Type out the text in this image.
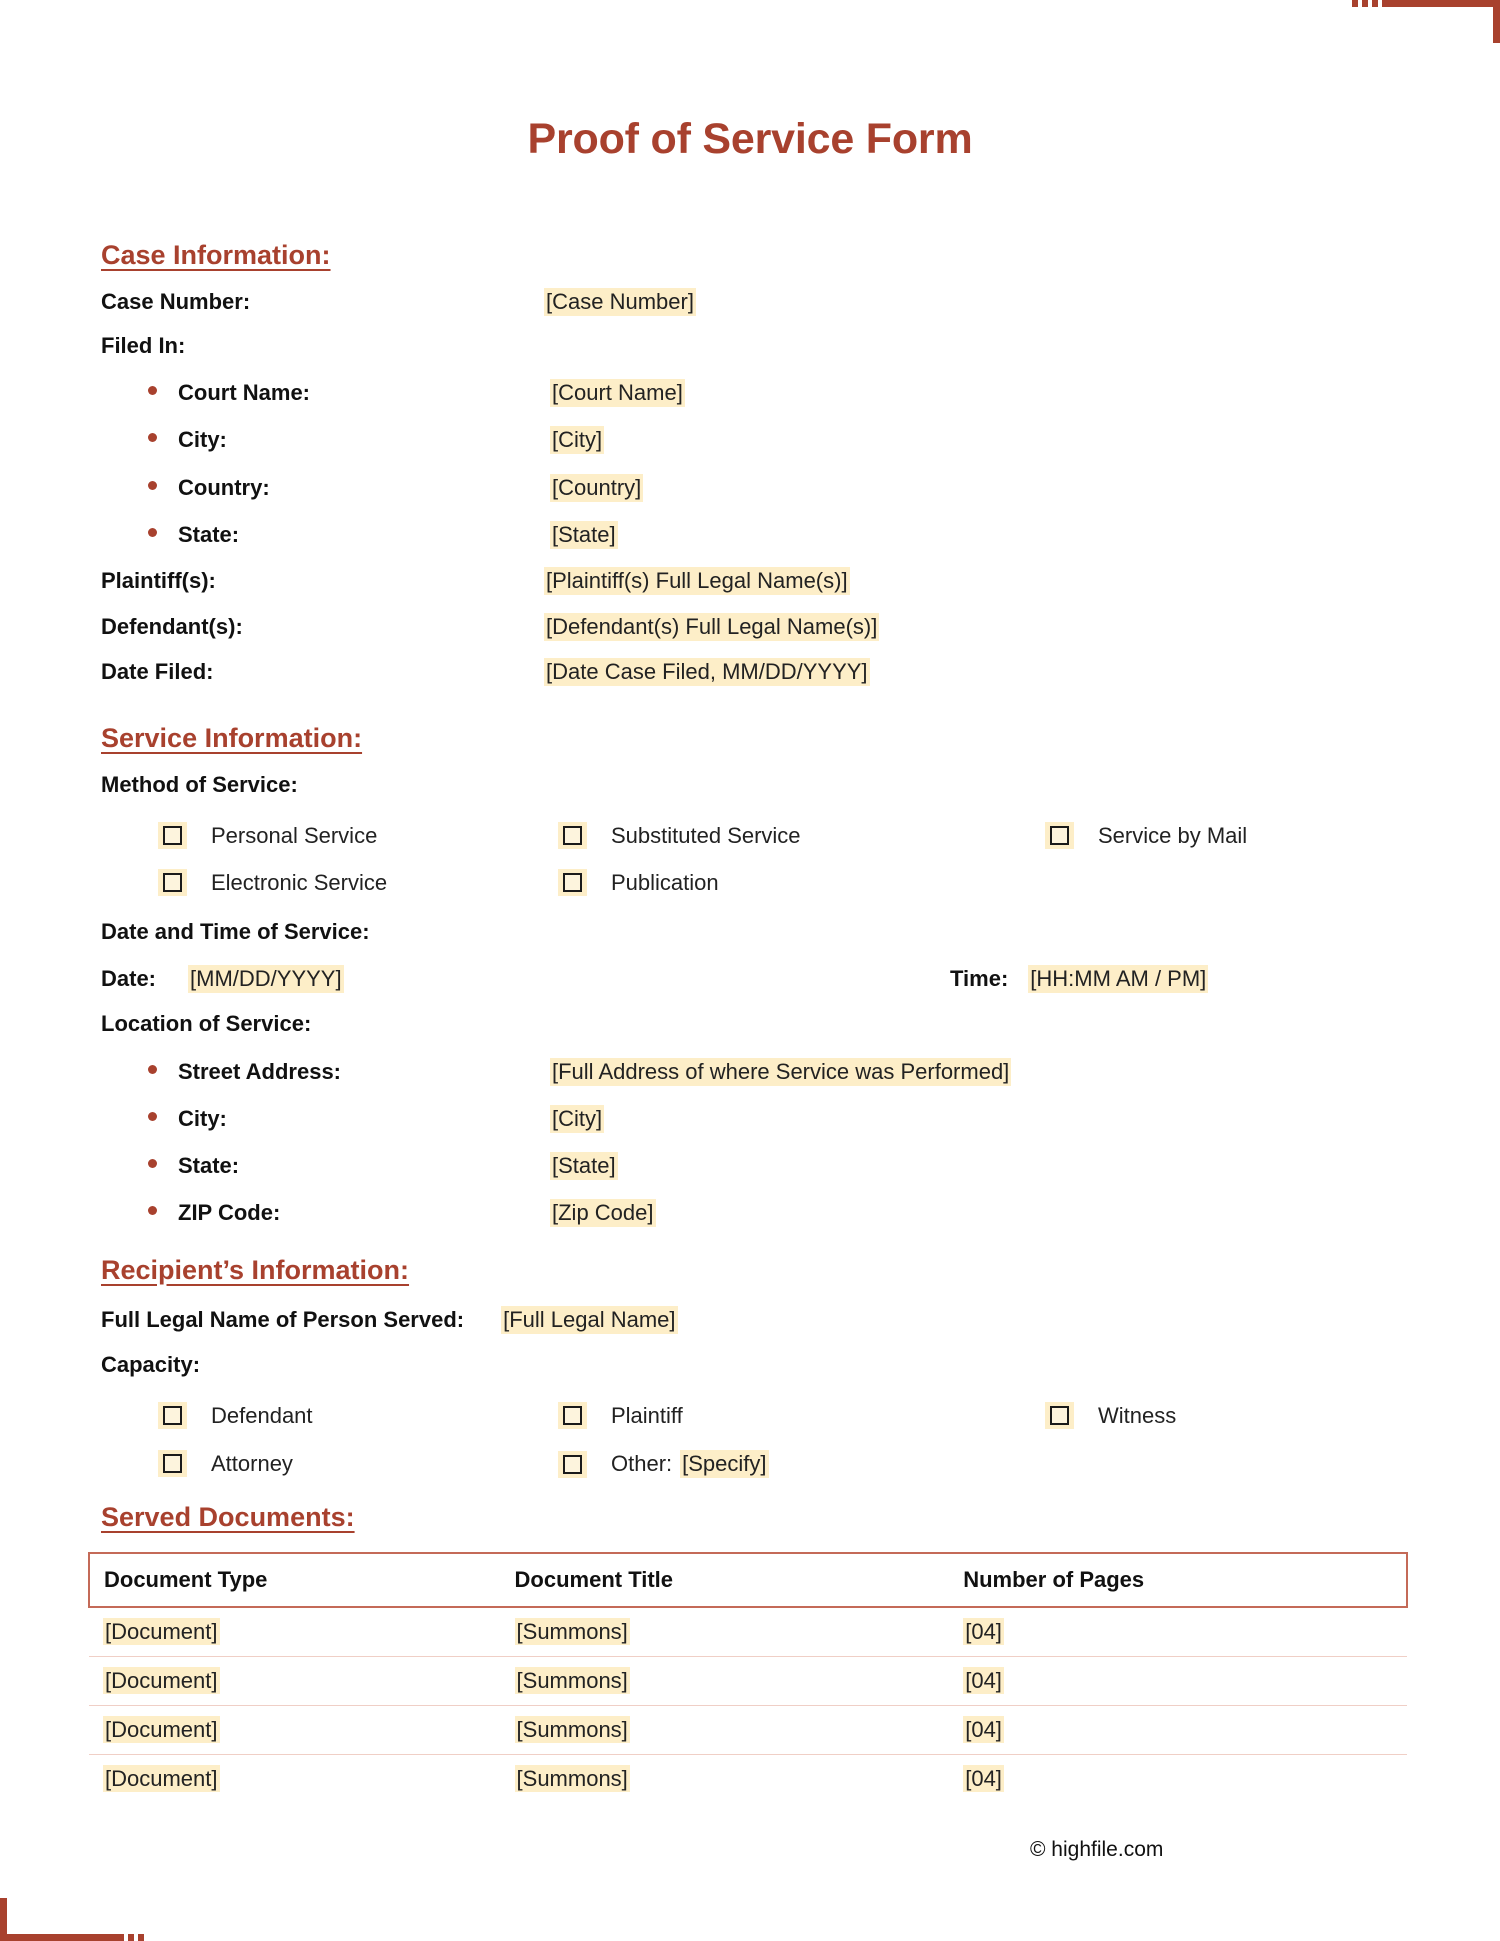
Proof of Service Form
Case Information:
Case Number:	[Case Number]
Filed In:
Court Name:	[Court Name]
City:	[City]
Country:	[Country]
State:	[State]
Plaintiff(s):	[Plaintiff(s) Full Legal Name(s)]
Defendant(s):	[Defendant(s) Full Legal Name(s)]
Date Filed:	[Date Case Filed, MM/DD/YYYY]
Service Information:
Method of Service:
Personal Service	Substituted Service	Service by Mail
Electronic Service	Publication
Date and Time of Service:
Date: [MM/DD/YYYY]	Time: [HH:MM AM / PM]
Location of Service:
Street Address:	[Full Address of where Service was Performed]
City:	[City]
State:	[State]
ZIP Code:	[Zip Code]
Recipient’s Information:
Full Legal Name of Person Served: [Full Legal Name]
Capacity:
Defendant	Plaintiff	Witness
Attorney	Other: [Specify]
Served Documents:
Document Type	Document Title	Number of Pages
[Document]	[Summons]	[04]
[Document]	[Summons]	[04]
[Document]	[Summons]	[04]
[Document]	[Summons]	[04]
© highfile.com
